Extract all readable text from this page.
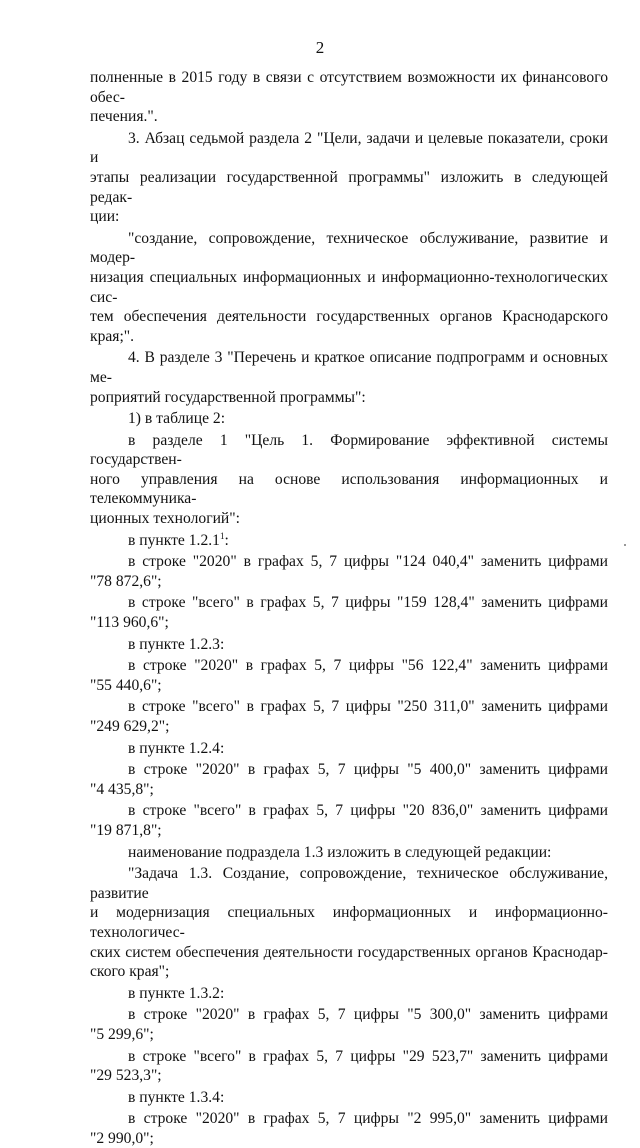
2
полненные в 2015 году в связи с отсутствием возможности их финансового обес-
печения.".
3. Абзац седьмой раздела 2 "Цели, задачи и целевые показатели, сроки и
этапы реализации государственной программы" изложить в следующей редак-
ции:
"создание, сопровождение, техническое обслуживание, развитие и модер-
низация специальных информационных и информационно-технологических сис-
тем обеспечения деятельности государственных органов Краснодарского
края;".
4. В разделе 3 "Перечень и краткое описание подпрограмм и основных ме-
роприятий государственной программы":
1) в таблице 2:
в разделе 1 "Цель 1. Формирование эффективной системы государствен-
ного управления на основе использования информационных и телекоммуника-
ционных технологий":
в пункте 1.2.1$^1$:
в строке "2020" в графах 5, 7 цифры "124 040,4" заменить цифрами
"78 872,6";
в строке "всего" в графах 5, 7 цифры "159 128,4" заменить цифрами
"113 960,6";
в пункте 1.2.3:
в строке "2020" в графах 5, 7 цифры "56 122,4" заменить цифрами
"55 440,6";
в строке "всего" в графах 5, 7 цифры "250 311,0" заменить цифрами
"249 629,2";
в пункте 1.2.4:
в строке "2020" в графах 5, 7 цифры "5 400,0" заменить цифрами
"4 435,8";
в строке "всего" в графах 5, 7 цифры "20 836,0" заменить цифрами
"19 871,8";
наименование подраздела 1.3 изложить в следующей редакции:
"Задача 1.3. Создание, сопровождение, техническое обслуживание, развитие
и модернизация специальных информационных и информационно-технологичес-
ских систем обеспечения деятельности государственных органов Краснодар-
ского края";
в пункте 1.3.2:
в строке "2020" в графах 5, 7 цифры "5 300,0" заменить цифрами
"5 299,6";
в строке "всего" в графах 5, 7 цифры "29 523,7" заменить цифрами
"29 523,3";
в пункте 1.3.4:
в строке "2020" в графах 5, 7 цифры "2 995,0" заменить цифрами
"2 990,0";
